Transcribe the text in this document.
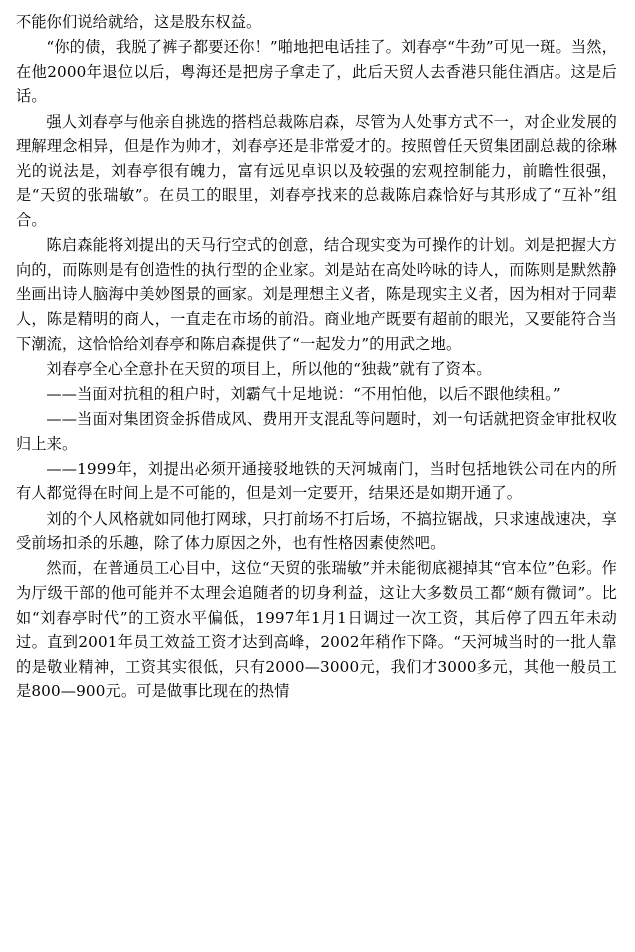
不能你们说给就给，这是股东权益。

“你的债，我脱了裤子都要还你！”啪地把电话挂了。刘春亭“牛劲”可见一斑。当然，在他2000年退位以后，粤海还是把房子拿走了，此后天贸人去香港只能住酒店。这是后话。

强人刘春亭与他亲自挑选的搭档总裁陈启森，尽管为人处事方式不一，对企业发展的理解理念相异，但是作为帅才，刘春亭还是非常爱才的。按照曾任天贸集团副总裁的徐琳光的说法是，刘春亭很有魄力，富有远见卓识以及较强的宏观控制能力，前瞻性很强，是“天贸的张瑞敏”。在员工的眼里，刘春亭找来的总裁陈启森恰好与其形成了“互补”组合。

陈启森能将刘提出的天马行空式的创意，结合现实变为可操作的计划。刘是把握大方向的，而陈则是有创造性的执行型的企业家。刘是站在高处吟咏的诗人，而陈则是默然静坐画出诗人脑海中美妙图景的画家。刘是理想主义者，陈是现实主义者，因为相对于同辈人，陈是精明的商人，一直走在市场的前沿。商业地产既要有超前的眼光，又要能符合当下潮流，这恰恰给刘春亭和陈启森提供了“一起发力”的用武之地。

刘春亭全心全意扑在天贸的项目上，所以他的“独裁”就有了资本。

——当面对抗租的租户时，刘霸气十足地说：“不用怕他，以后不跟他续租。”

——当面对集团资金拆借成风、费用开支混乱等问题时，刘一句话就把资金审批权收归上来。

——1999年，刘提出必须开通接驳地铁的天河城南门，当时包括地铁公司在内的所有人都觉得在时间上是不可能的，但是刘一定要开，结果还是如期开通了。

刘的个人风格就如同他打网球，只打前场不打后场，不搞拉锯战，只求速战速决，享受前场扣杀的乐趣，除了体力原因之外，也有性格因素使然吧。

然而，在普通员工心目中，这位“天贸的张瑞敏”并未能彻底褪掉其“官本位”色彩。作为厅级干部的他可能并不太理会追随者的切身利益，这让大多数员工都“颇有微词”。比如“刘春亭时代”的工资水平偏低，1997年1月1日调过一次工资，其后停了四五年未动过。直到2001年员工效益工资才达到高峰，2002年稍作下降。“天河城当时的一批人靠的是敬业精神，工资其实很低，只有2000—3000元，我们才3000多元，其他一般员工是800—900元。可是做事比现在的热情
